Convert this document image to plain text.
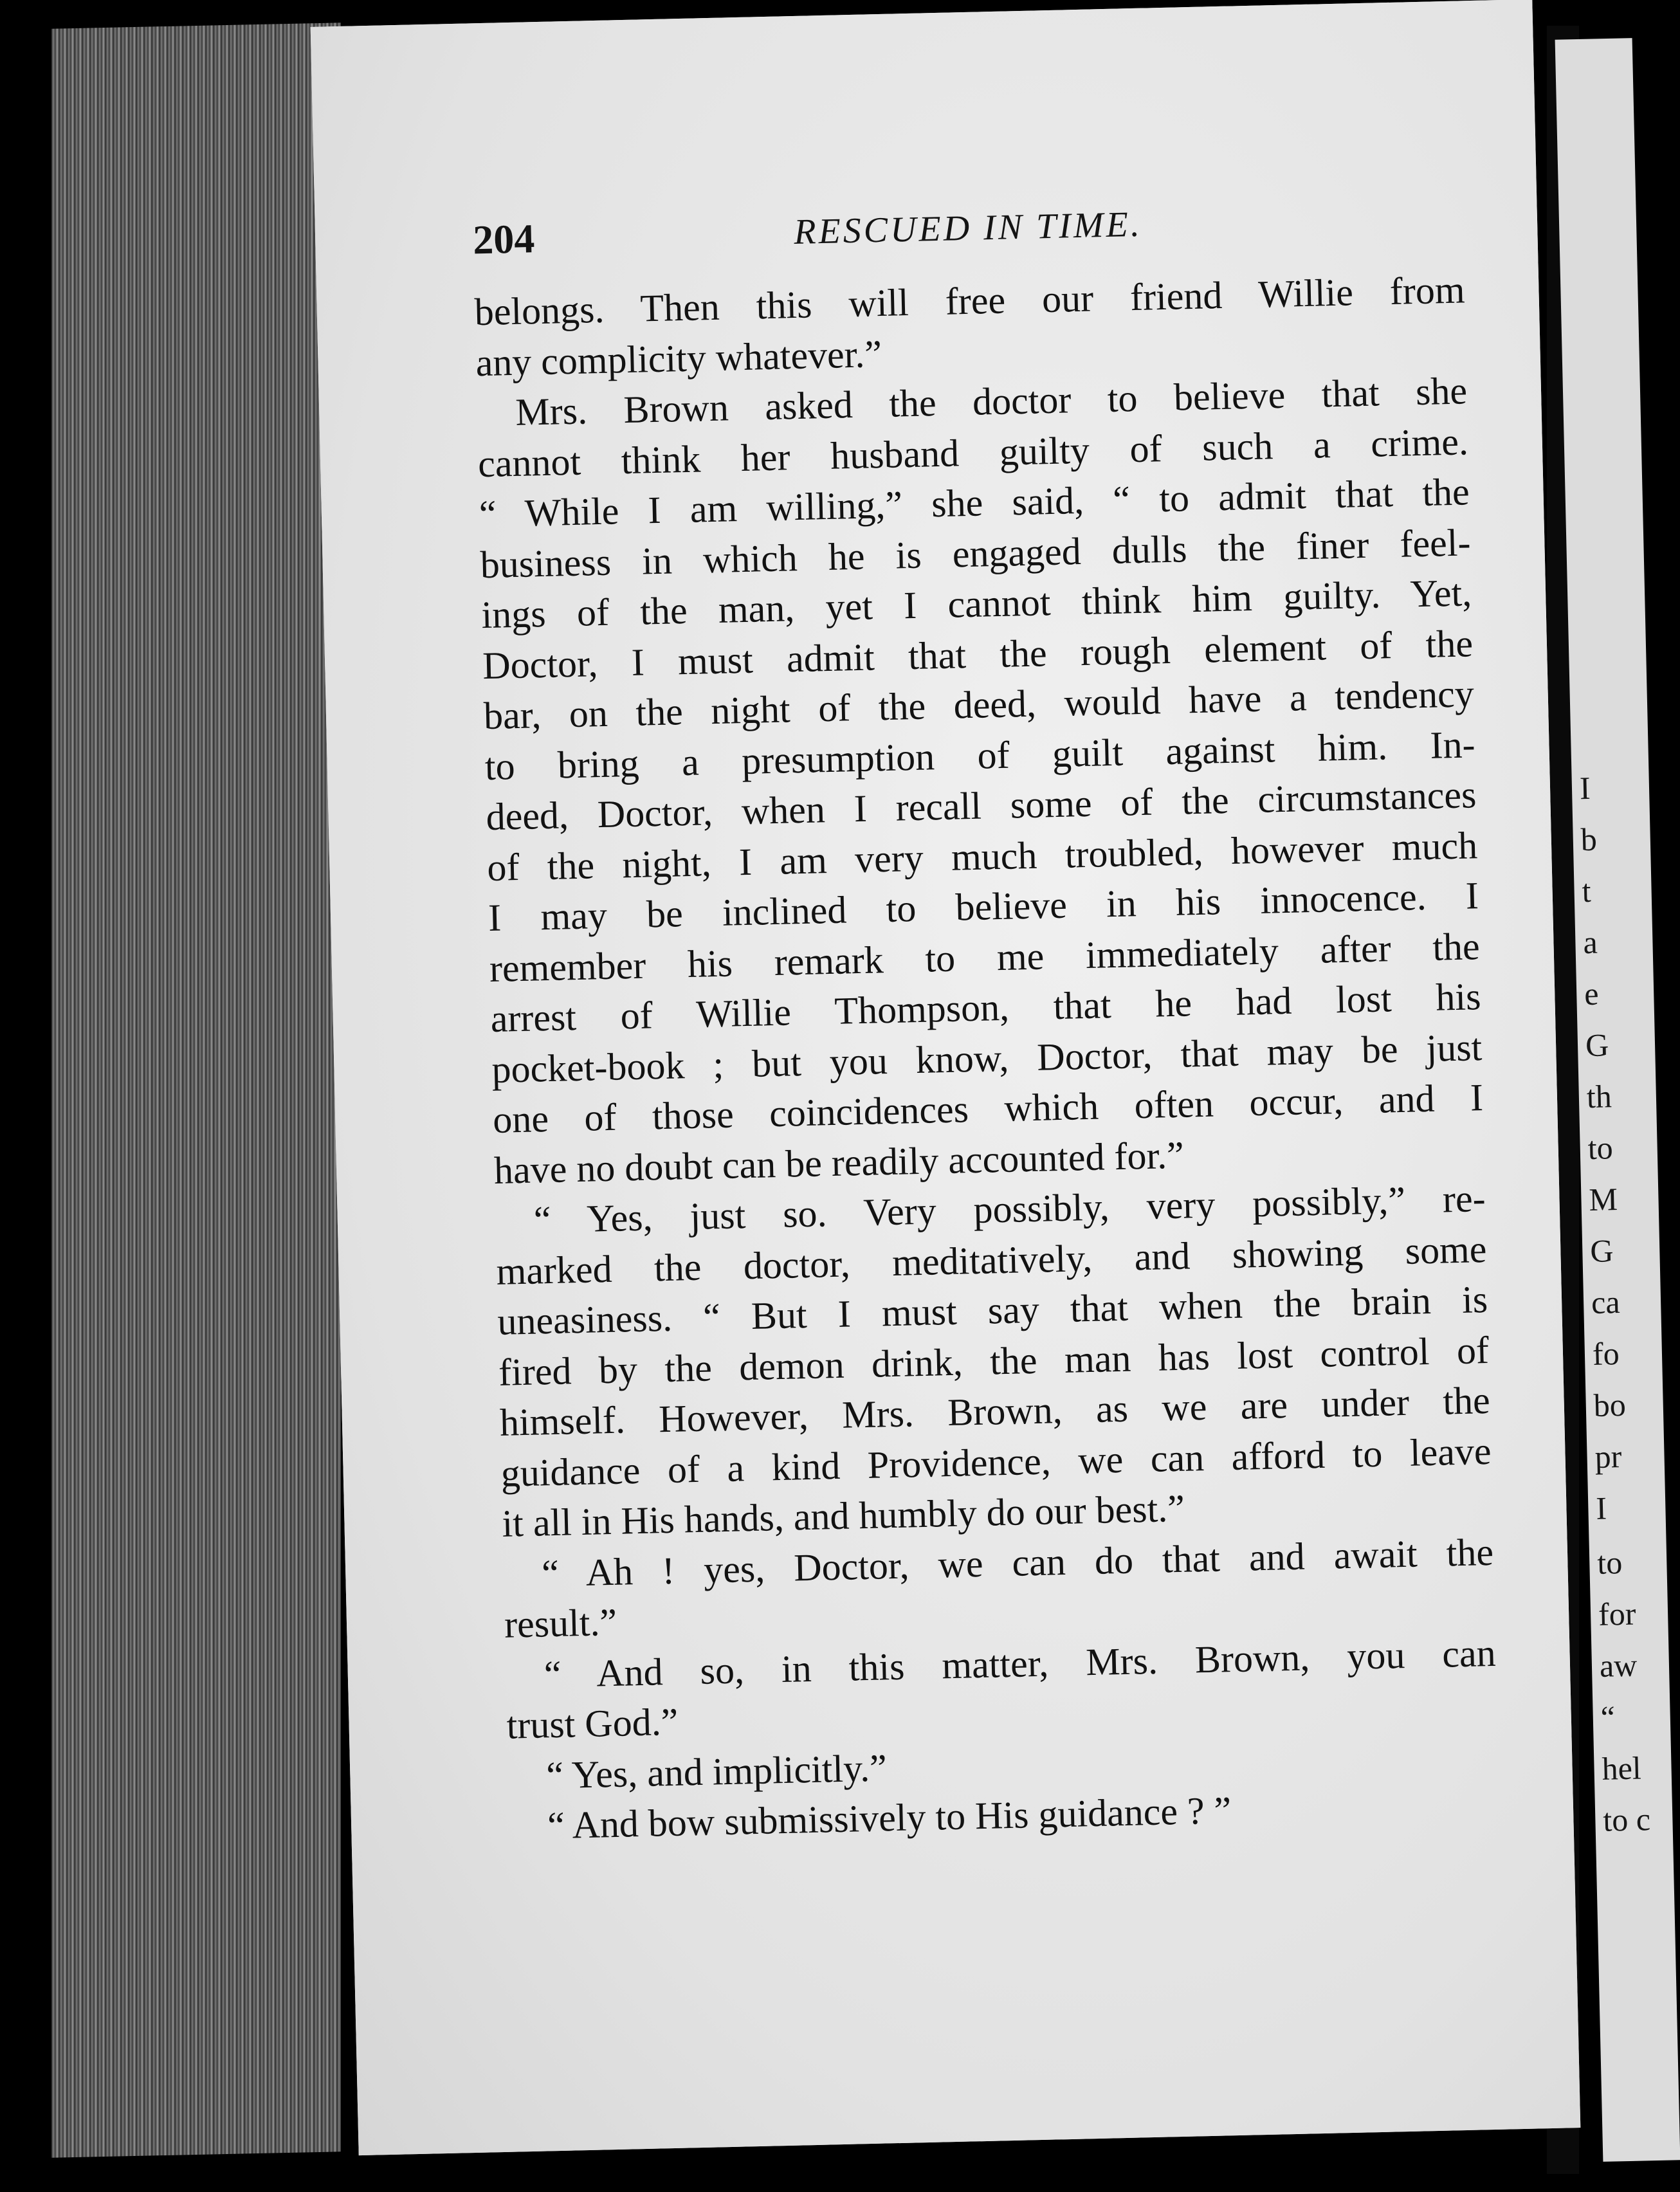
I
b
t
a
e
G
th
to
M
G
ca
fo
bo
pr
I
to
for
aw
“
hel
to c
204	RESCUED IN TIME.
belongs. Then this will free our friend Willie from
any complicity whatever.”
Mrs. Brown asked the doctor to believe that she
cannot think her husband guilty of such a crime.
“ While I am willing,” she said, “ to admit that the
business in which he is engaged dulls the finer feel-
ings of the man, yet I cannot think him guilty. Yet,
Doctor, I must admit that the rough element of the
bar, on the night of the deed, would have a tendency
to bring a presumption of guilt against him. In-
deed, Doctor, when I recall some of the circumstances
of the night, I am very much troubled, however much
I may be inclined to believe in his innocence. I
remember his remark to me immediately after the
arrest of Willie Thompson, that he had lost his
pocket-book ; but you know, Doctor, that may be just
one of those coincidences which often occur, and I
have no doubt can be readily accounted for.”
“ Yes, just so. Very possibly, very possibly,” re-
marked the doctor, meditatively, and showing some
uneasiness. “ But I must say that when the brain is
fired by the demon drink, the man has lost control of
himself. However, Mrs. Brown, as we are under the
guidance of a kind Providence, we can afford to leave
it all in His hands, and humbly do our best.”
“ Ah ! yes, Doctor, we can do that and await the
result.”
“ And so, in this matter, Mrs. Brown, you can
trust God.”
“ Yes, and implicitly.”
“ And bow submissively to His guidance ? ”
